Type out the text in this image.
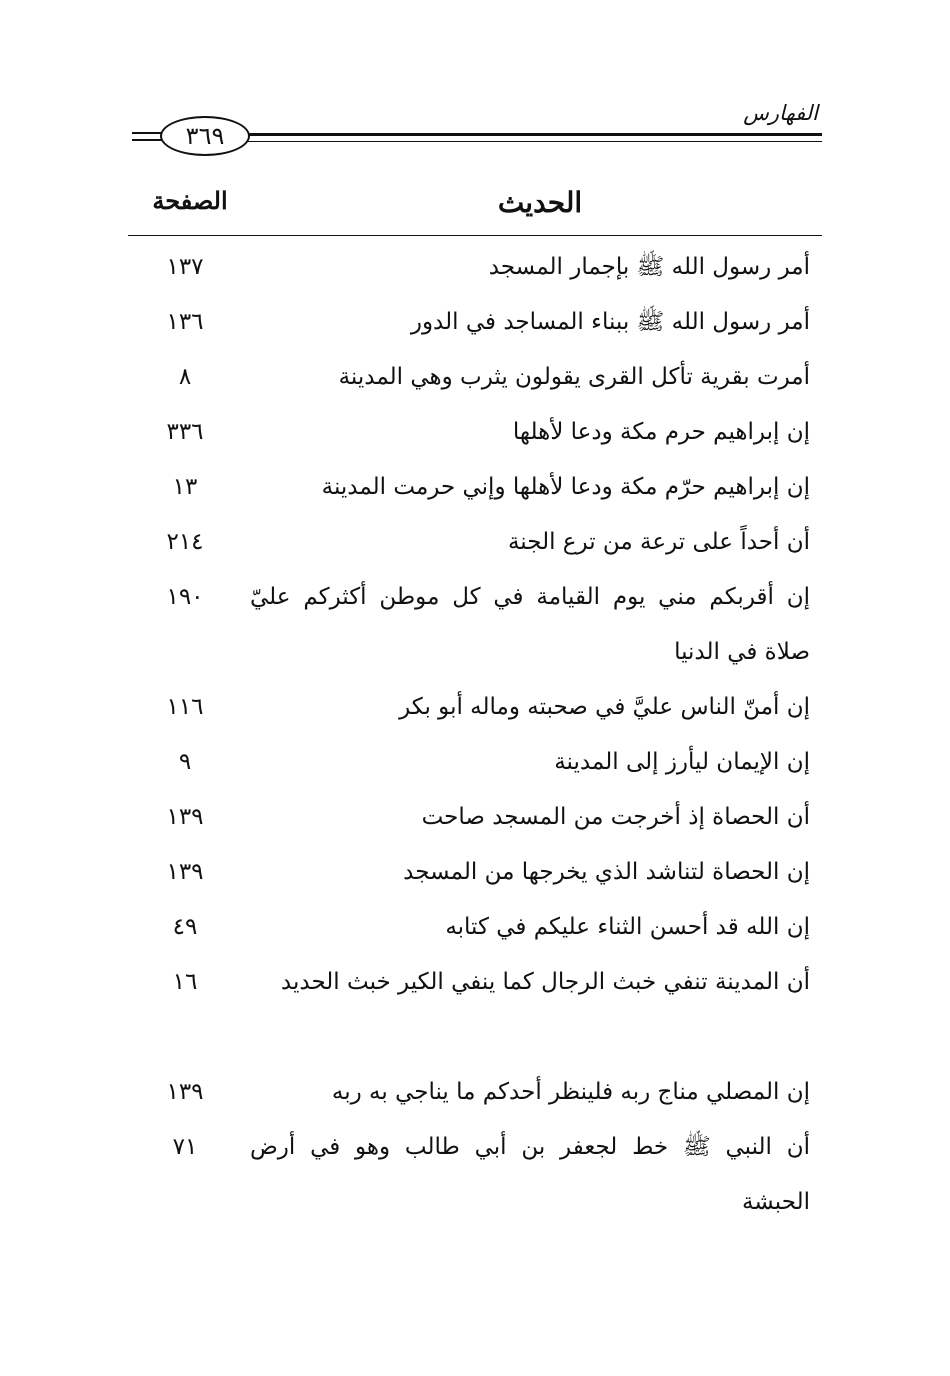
الفهارس
٣٦٩
الحديث
الصفحة
أمر رسول الله ﷺ بإجمار المسجد
١٣٧
أمر رسول الله ﷺ ببناء المساجد في الدور
١٣٦
أمرت بقرية تأكل القرى يقولون يثرب وهي المدينة
٨
إن إبراهيم حرم مكة ودعا لأهلها
٣٣٦
إن إبراهيم حرّم مكة ودعا لأهلها وإني حرمت المدينة
١٣
أن أحداً على ترعة من ترع الجنة
٢١٤
إن أقربكم مني يوم القيامة في كل موطن أكثركم عليّ صلاة في الدنيا
١٩٠
إن أمنّ الناس عليَّ في صحبته وماله أبو بكر
١١٦
إن الإيمان ليأرز إلى المدينة
٩
أن الحصاة إذ أخرجت من المسجد صاحت
١٣٩
إن الحصاة لتناشد الذي يخرجها من المسجد
١٣٩
إن الله قد أحسن الثناء عليكم في كتابه
٤٩
أن المدينة تنفي خبث الرجال كما ينفي الكير خبث الحديد
١٦
إن المصلي مناج ربه فلينظر أحدكم ما يناجي به ربه
١٣٩
أن النبي ﷺ خط لجعفر بن أبي طالب وهو في أرض الحبشة
٧١
